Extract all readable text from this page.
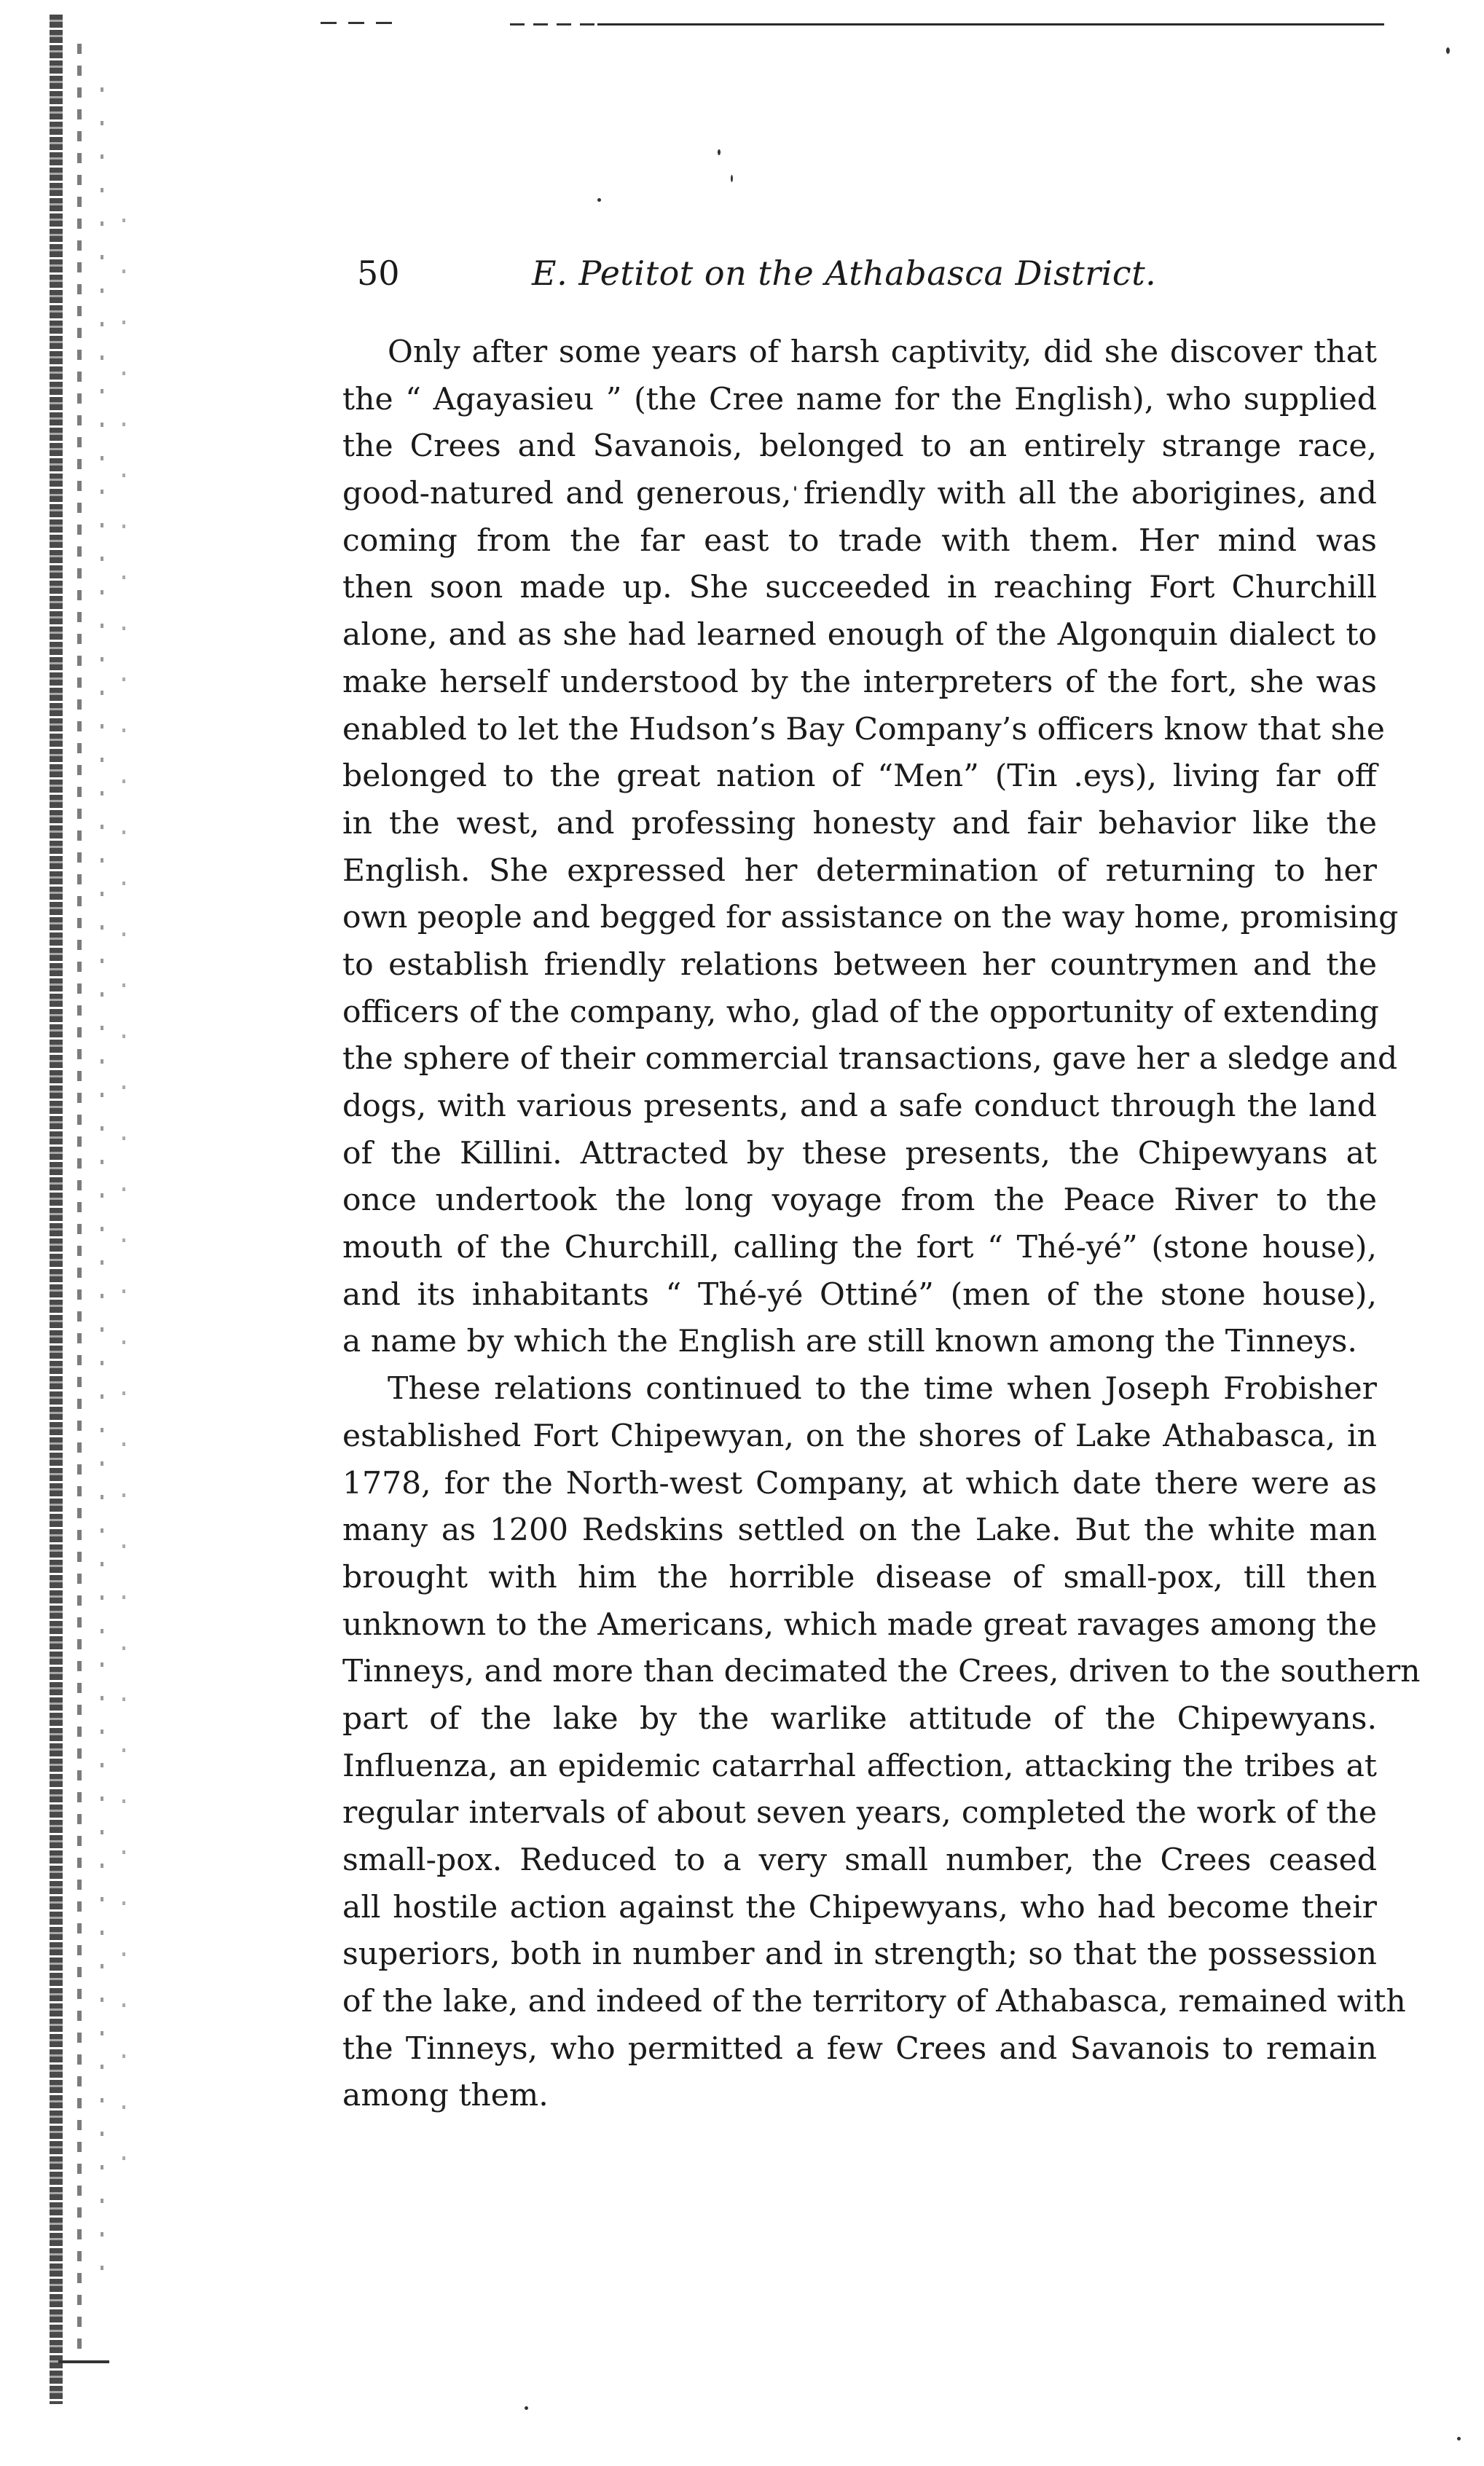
50	E. Petitot on the Athabasca District.
Only after some years of harsh captivity, did she discover that
the “ Agayasieu ” (the Cree name for the English), who supplied
the Crees and Savanois, belonged to an entirely strange race,
good-natured and generous, friendly with all the aborigines, and
coming from the far east to trade with them. Her mind was
then soon made up. She succeeded in reaching Fort Churchill
alone, and as she had learned enough of the Algonquin dialect to
make herself understood by the interpreters of the fort, she was
enabled to let the Hudson’s Bay Company’s officers know that she
belonged to the great nation of “Men” (Tin .eys), living far off
in the west, and professing honesty and fair behavior like the
English. She expressed her determination of returning to her
own people and begged for assistance on the way home, promising
to establish friendly relations between her countrymen and the
officers of the company, who, glad of the opportunity of extending
the sphere of their commercial transactions, gave her a sledge and
dogs, with various presents, and a safe conduct through the land
of the Killini. Attracted by these presents, the Chipewyans at
once undertook the long voyage from the Peace River to the
mouth of the Churchill, calling the fort “ Thé-yé” (stone house),
and its inhabitants “ Thé-yé Ottiné” (men of the stone house),
a name by which the English are still known among the Tinneys.
These relations continued to the time when Joseph Frobisher
established Fort Chipewyan, on the shores of Lake Athabasca, in
1778, for the North-west Company, at which date there were as
many as 1200 Redskins settled on the Lake. But the white man
brought with him the horrible disease of small-pox, till then
unknown to the Americans, which made great ravages among the
Tinneys, and more than decimated the Crees, driven to the southern
part of the lake by the warlike attitude of the Chipewyans.
Influenza, an epidemic catarrhal affection, attacking the tribes at
regular intervals of about seven years, completed the work of the
small-pox. Reduced to a very small number, the Crees ceased
all hostile action against the Chipewyans, who had become their
superiors, both in number and in strength; so that the possession
of the lake, and indeed of the territory of Athabasca, remained with
the Tinneys, who permitted a few Crees and Savanois to remain
among them.
